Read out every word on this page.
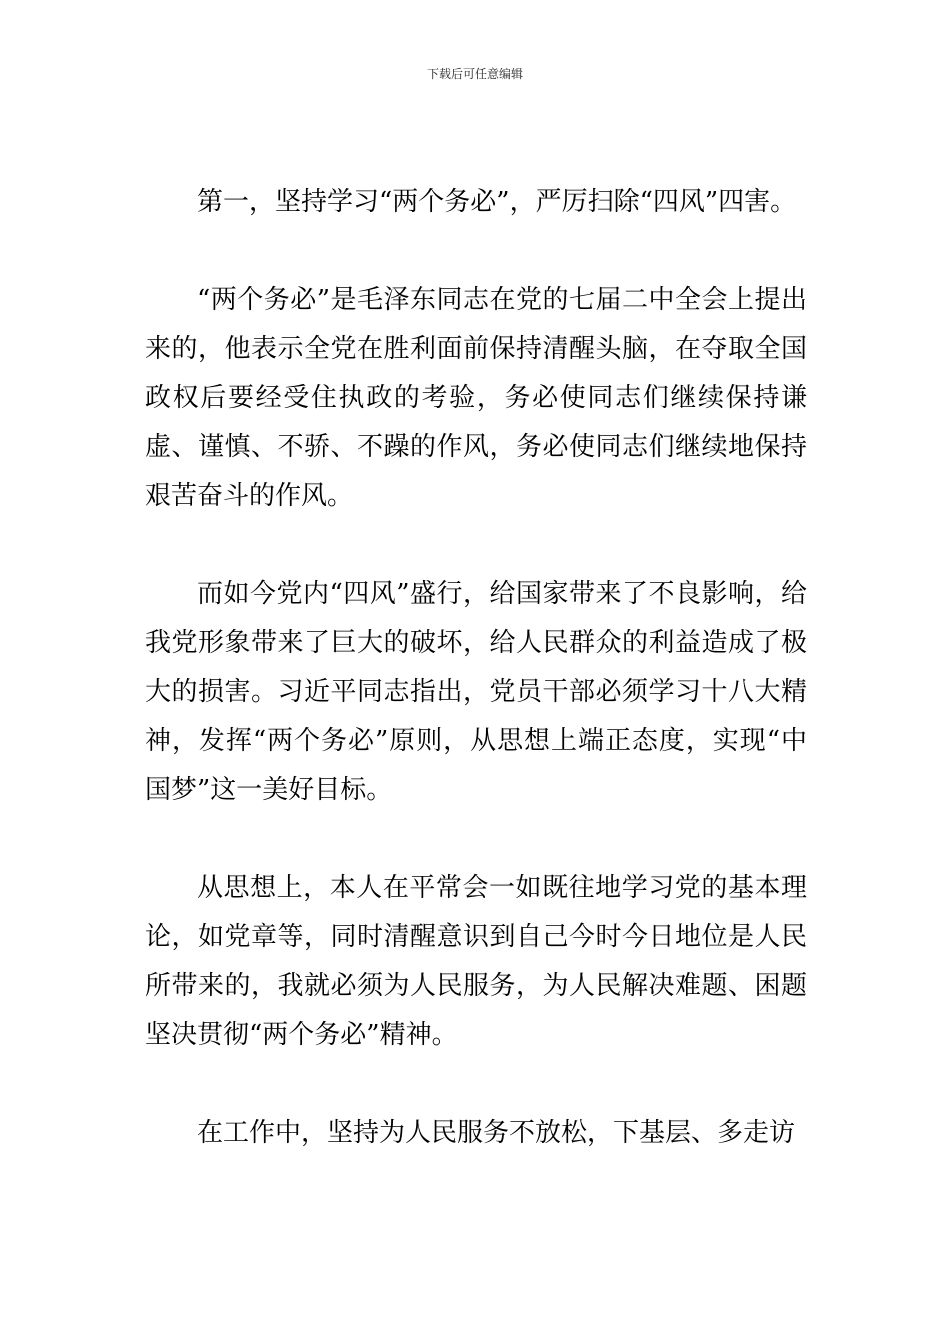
下载后可任意编辑

第一，坚持学习“两个务必”，严厉扫除“四风”四害。

“两个务必”是毛泽东同志在党的七届二中全会上提出来的，他表示全党在胜利面前保持清醒头脑，在夺取全国政权后要经受住执政的考验，务必使同志们继续保持谦虚、谨慎、不骄、不躁的作风，务必使同志们继续地保持艰苦奋斗的作风。

而如今党内“四风”盛行，给国家带来了不良影响，给我党形象带来了巨大的破坏，给人民群众的利益造成了极大的损害。习近平同志指出，党员干部必须学习十八大精神，发挥“两个务必”原则，从思想上端正态度，实现“中国梦”这一美好目标。

从思想上，本人在平常会一如既往地学习党的基本理论，如党章等，同时清醒意识到自己今时今日地位是人民所带来的，我就必须为人民服务，为人民解决难题、困题坚决贯彻“两个务必”精神。

在工作中，坚持为人民服务不放松，下基层、多走访
